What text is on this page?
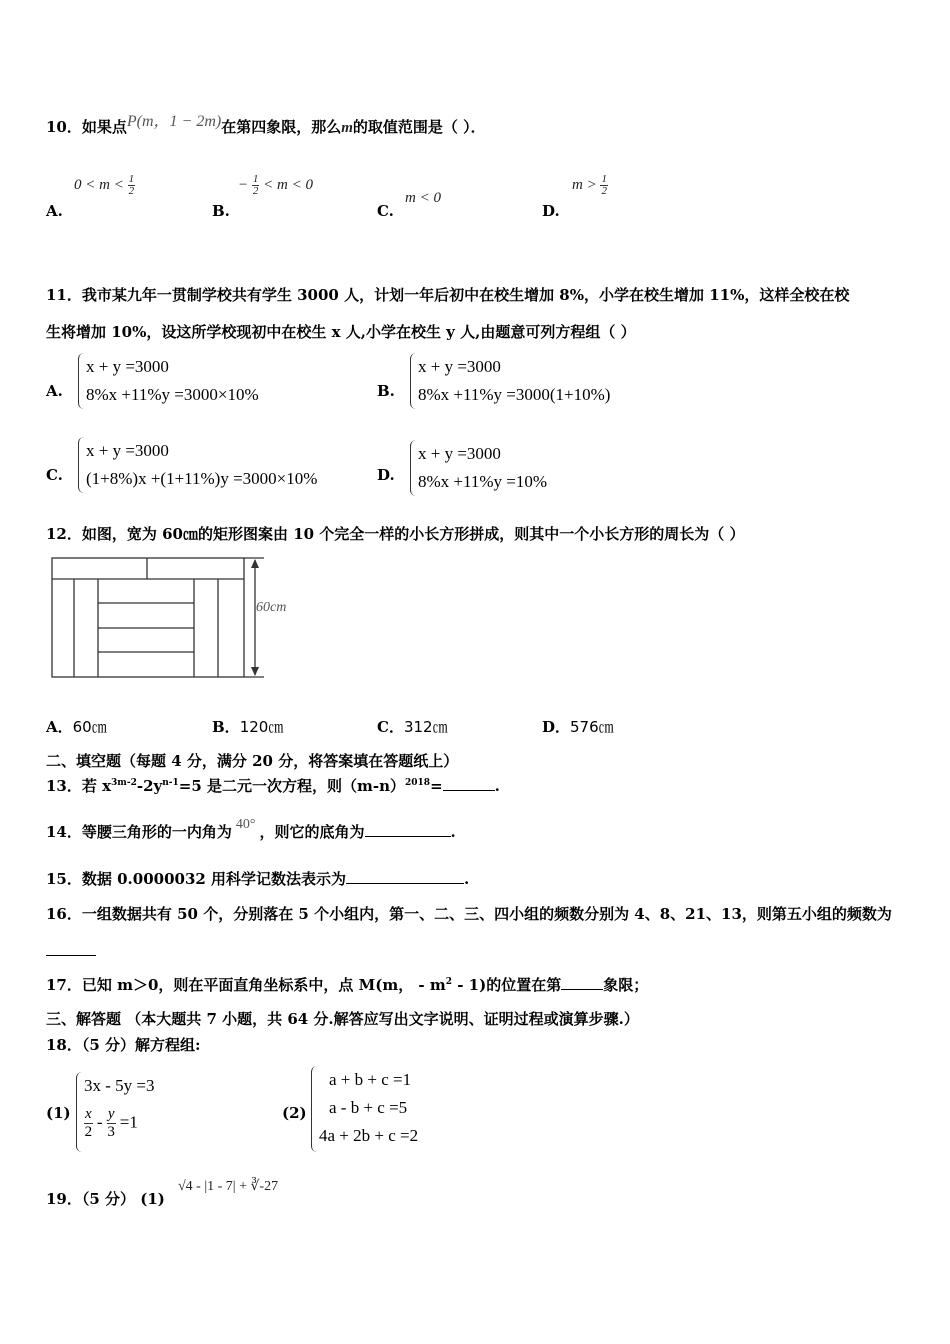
10．如果点P(m，1 − 2m)在第四象限，那么m的取值范围是（ ）．
A.
$0 < m < \frac{1}{2}$
B.
− $\frac{1}{2} < m < 0$
C.
m < 0
D.
$m > \frac{1}{2}$
11．我市某九年一贯制学校共有学生 3000 人，计划一年后初中在校生增加 8%，小学在校生增加 11%，这样全校在校
生将增加 10%，设这所学校现初中在校生 x 人,小学在校生 y 人,由题意可列方程组（ ）
A.
x + y =3000
8%x +11%y =3000×10%	B.
x + y =3000
8%x +11%y =3000(1+10%)
C.
x + y =3000
(1+8%)x +(1+11%)y =3000×10%	D.
x + y =3000
8%x +11%y =10%
12．如图，宽为 60㎝的矩形图案由 10 个完全一样的小长方形拼成，则其中一个小长方形的周长为（ ）
60cm
A．60㎝	B．120㎝	C．312㎝	D．576㎝
二、填空题（每题 4 分，满分 20 分，将答案填在答题纸上）
13．若 $x^{3m-2}-2y^{n-1}=5$ 是二元一次方程，则$(m-n)^{2018}=$	.
14．等腰三角形的一内角为 40° ，则它的底角为	.
15．数据 0.0000032 用科学记数法表示为	.
16．一组数据共有 50 个，分别落在 5 个小组内，第一、二、三、四小组的频数分别为 4、8、21、13，则第五小组的频数为
17．已知 m＞0，则在平面直角坐标系中，点 M(m， - $m^2 - 1$)的位置在第	象限；
三、解答题 （本大题共 7 小题，共 64 分.解答应写出文字说明、证明过程或演算步骤.）
18．（5 分）解方程组:
(1)
3x - 5y =3
$\frac{x}{2} - \frac{y}{3} =1$	(2)
a + b + c =1
a - b + c =5
4a + 2b + c =2
19．（5 分） (1)
√4 - |1 - 7| + ∛-27
